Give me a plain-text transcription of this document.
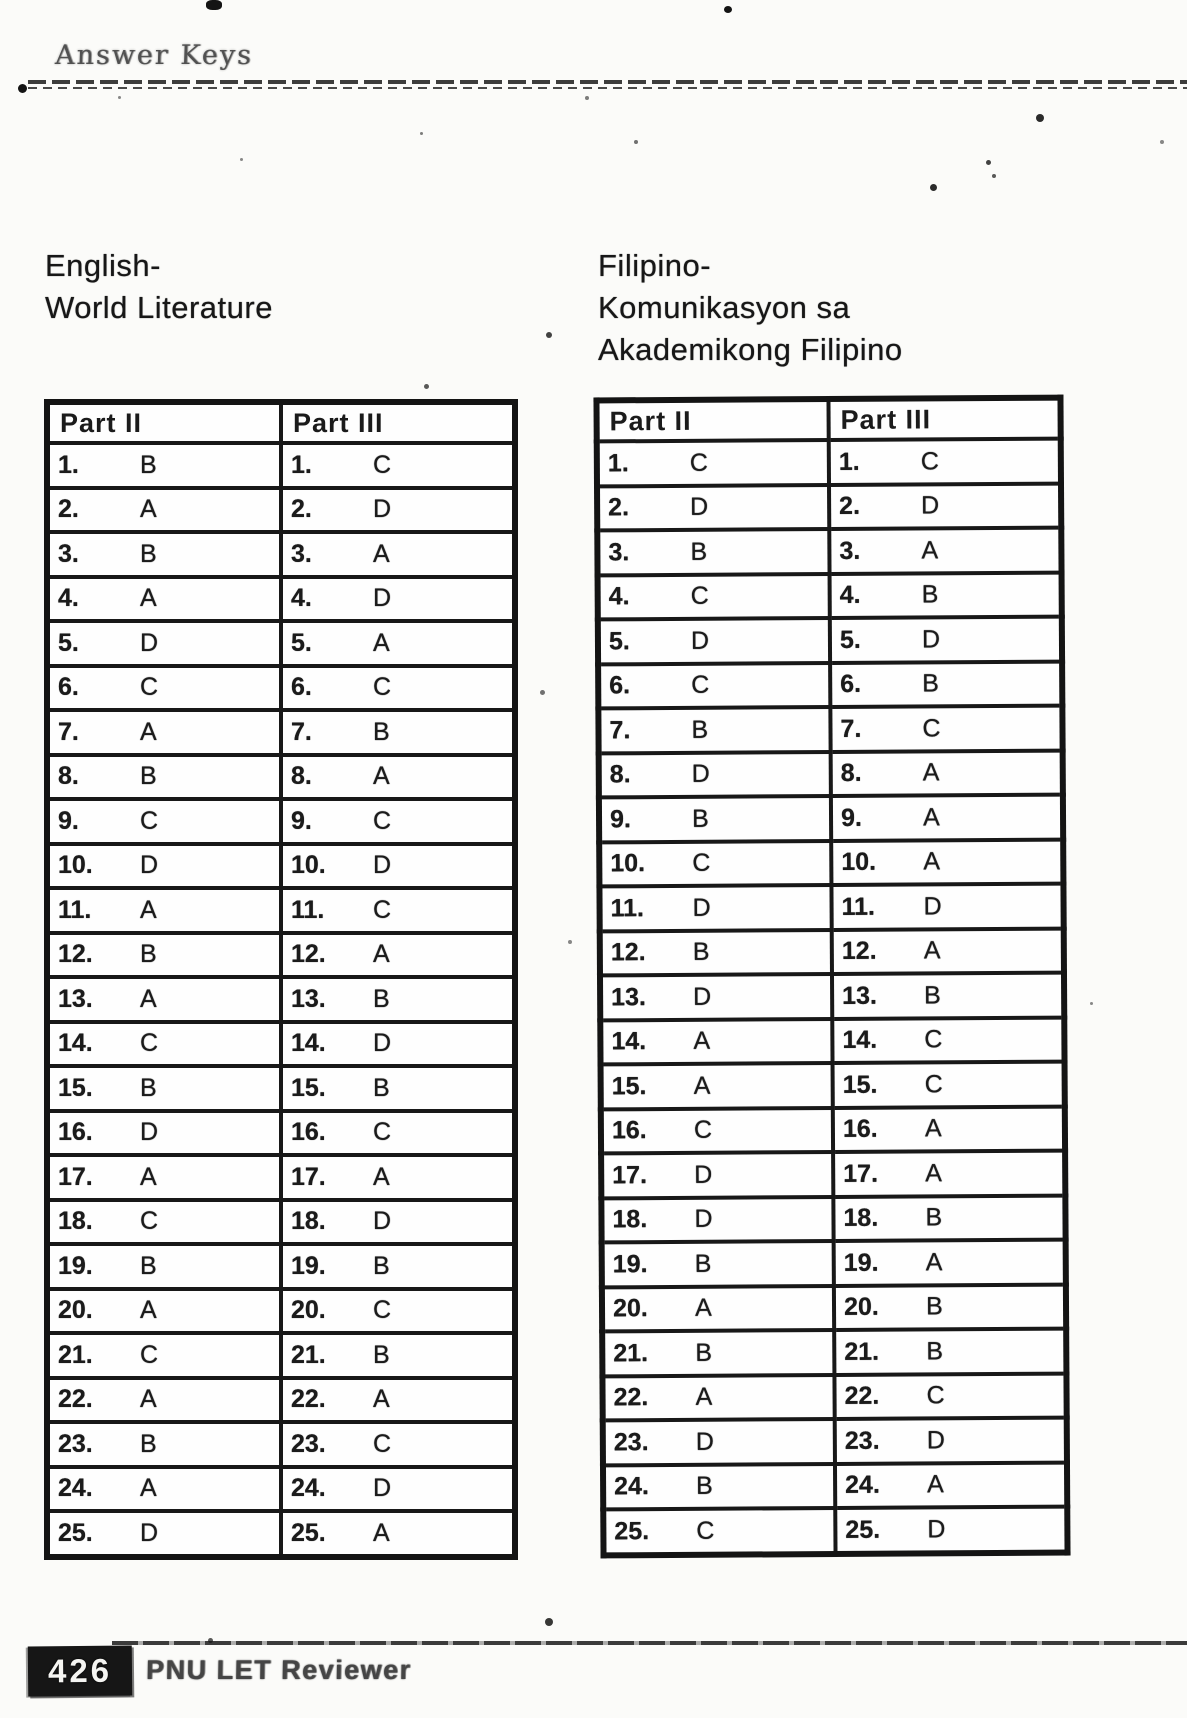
Answer Keys
English-
World Literature
Filipino-
Komunikasyon sa
Akademikong Filipino
Part II	Part III
1. B	1. C
2. A	2. D
3. B	3. A
4. A	4. D
5. D	5. A
6. C	6. C
7. A	7. B
8. B	8. A
9. C	9. C
10. D	10. D
11. A	11. C
12. B	12. A
13. A	13. B
14. C	14. D
15. B	15. B
16. D	16. C
17. A	17. A
18. C	18. D
19. B	19. B
20. A	20. C
21. C	21. B
22. A	22. A
23. B	23. C
24. A	24. D
25. D	25. A
Part II	Part III
1. C	1. C
2. D	2. D
3. B	3. A
4. C	4. B
5. D	5. D
6. C	6. B
7. B	7. C
8. D	8. A
9. B	9. A
10. C	10. A
11. D	11. D
12. B	12. A
13. D	13. B
14. A	14. C
15. A	15. C
16. C	16. A
17. D	17. A
18. D	18. B
19. B	19. A
20. A	20. B
21. B	21. B
22. A	22. C
23. D	23. D
24. B	24. A
25. C	25. D
426	PNU LET Reviewer
